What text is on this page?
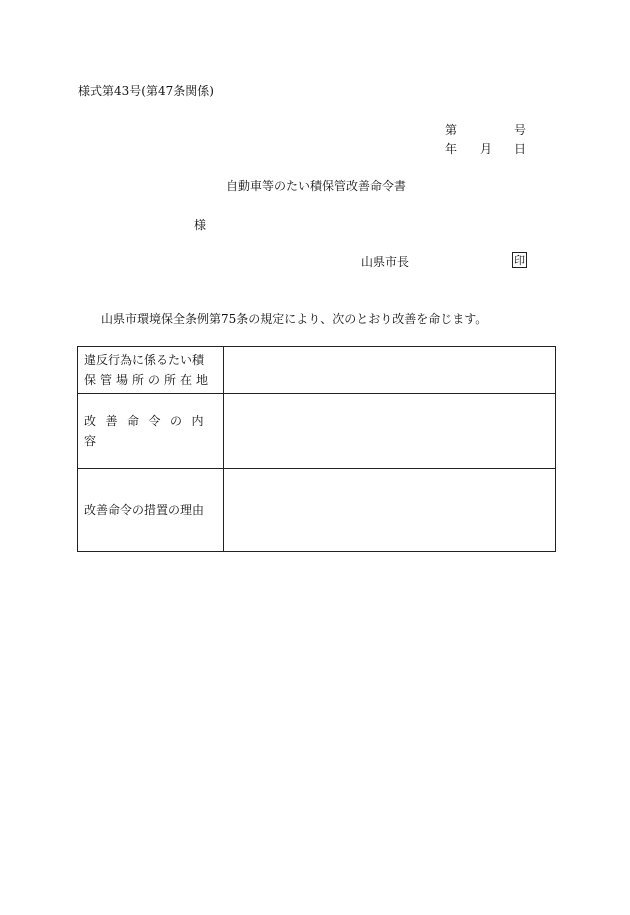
様式第43号(第47条関係)
第	号
年 月 日
自動車等のたい積保管改善命令書
様
山県市長	印
山県市環境保全条例第75条の規定により、次のとおり改善を命じます。
違反行為に係るたい積
保管場所の所在地	

改善命令の内容	

改善命令の措置の理由	
